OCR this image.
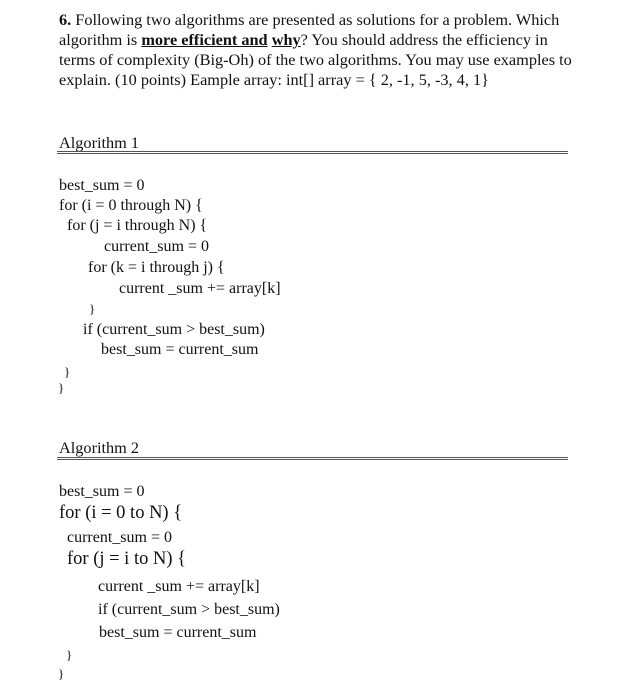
6. Following two algorithms are presented as solutions for a problem. Which algorithm is more efficient and why? You should address the efficiency in terms of complexity (Big-Oh) of the two algorithms. You may use examples to explain. (10 points) Eample array: int[] array = { 2, -1, 5, -3, 4, 1}
Algorithm 1
best_sum = 0
for (i = 0 through N) {
for (j = i through N) {
current_sum = 0
for (k = i through j) {
current _sum += array[k]
}
if (current_sum > best_sum)
best_sum = current_sum
}
}
Algorithm 2
best_sum = 0
for (i = 0 to N) {
current_sum = 0
for (j = i to N) {
current _sum += array[k]
if (current_sum > best_sum)
best_sum = current_sum
}
}
